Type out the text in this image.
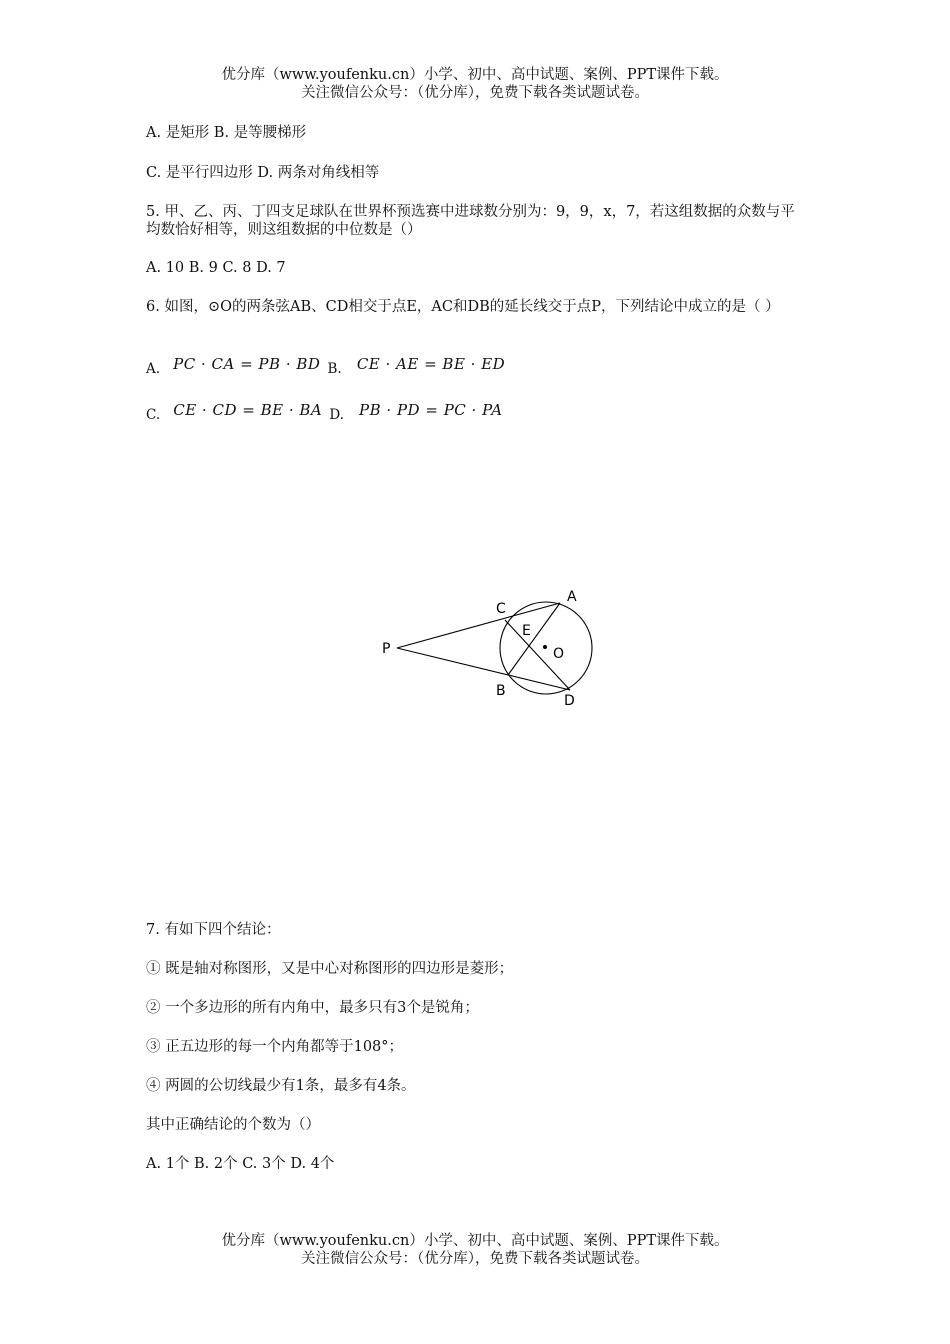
优分库（www.youfenku.cn）小学、初中、高中试题、案例、PPT课件下载。
关注微信公众号：（优分库），免费下载各类试题试卷。
A. 是矩形 B. 是等腰梯形
C. 是平行四边形 D. 两条对角线相等
5. 甲、乙、丙、丁四支足球队在世界杯预选赛中进球数分别为：9，9，x，7，若这组数据的众数与平均数恰好相等，则这组数据的中位数是（）
A. 10 B. 9 C. 8 D. 7
6. 如图，⊙O的两条弦AB、CD相交于点E，AC和DB的延长线交于点P，下列结论中成立的是（ ）
A. PC · CA = PB · BD B. CE · AE = BE · ED
C. CE · CD = BE · BA D. PB · PD = PC · PA
P
A
C
E
O
B
D
7. 有如下四个结论：
① 既是轴对称图形，又是中心对称图形的四边形是菱形；
② 一个多边形的所有内角中，最多只有3个是锐角；
③ 正五边形的每一个内角都等于108°；
④ 两圆的公切线最少有1条，最多有4条。
其中正确结论的个数为（）
A. 1个 B. 2个 C. 3个 D. 4个
优分库（www.youfenku.cn）小学、初中、高中试题、案例、PPT课件下载。
关注微信公众号：（优分库），免费下载各类试题试卷。
